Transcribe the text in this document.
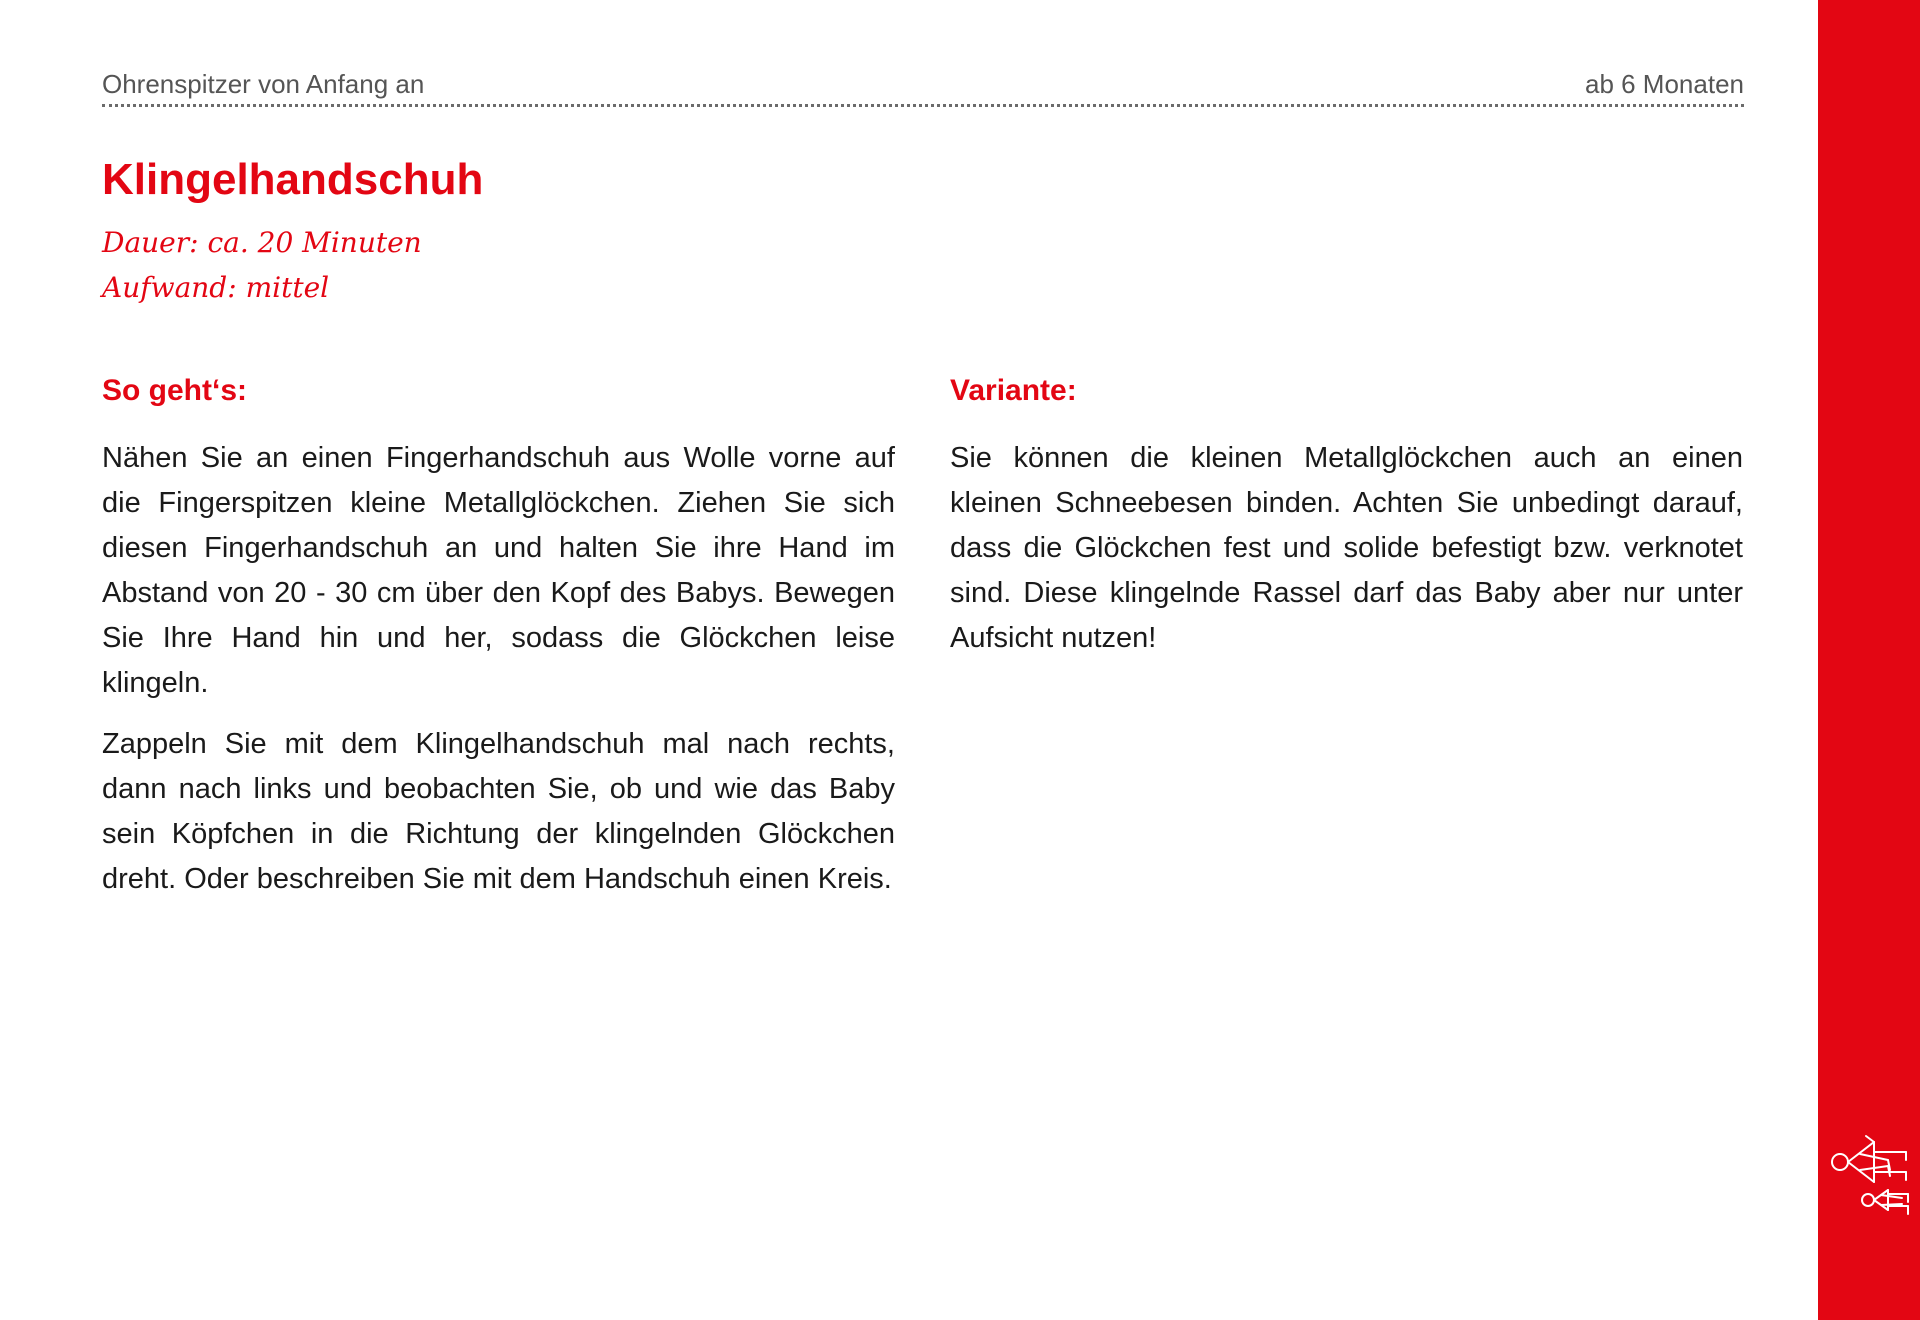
Ohrenspitzer von Anfang an	ab 6 Monaten
Klingelhandschuh
Dauer: ca. 20 Minuten
Aufwand: mittel
So geht‘s:

Nähen Sie an einen Fingerhandschuh aus Wolle vorne auf die Fingerspitzen kleine Metallglöckchen. Ziehen Sie sich diesen Fingerhandschuh an und halten Sie ihre Hand im Abstand von 20 - 30 cm über den Kopf des Babys. Bewegen Sie Ihre Hand hin und her, sodass die Glöckchen leise klingeln.

Zappeln Sie mit dem Klingelhandschuh mal nach rechts, dann nach links und beobachten Sie, ob und wie das Baby sein Köpfchen in die Richtung der klingelnden Glöckchen dreht. Oder beschreiben Sie mit dem Handschuh einen Kreis.

Variante:

Sie können die kleinen Metallglöckchen auch an einen kleinen Schneebesen binden. Achten Sie unbedingt darauf, dass die Glöckchen fest und solide befestigt bzw. verknotet sind. Diese klingelnde Rassel darf das Baby aber nur unter Aufsicht nutzen!
